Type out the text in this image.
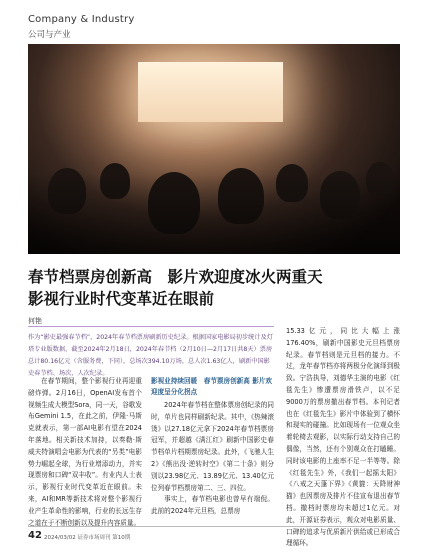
Company & Industry
公司与产业
春节档票房创新高　影片欢迎度冰火两重天
影视行业时代变革近在眼前
何艳
作为“影史最强春节档”，2024年春节档票房刷新历史纪录。根据国家电影局初步统计及灯塔专业版数据，截至2024年2月18日，2024年春节档（2月10日—2月17日共8天）票房总计80.16亿元（含服务费，下同），总场次394.10万场，总人次1.63亿人，刷新中国影史春节档、场次、人次纪录。

在春节期间，整个影视行业再迎重磅炸弹。2月16日，OpenAI发布首个视频生成大模型Sora，同一天，谷歌发布Gemini 1.5，在此之前，伊隆·马斯克就表示，第一部AI电影有望在2024年落地。相关新技术加持，以奏勒·斯威夫特演唱会电影为代表的“另类”电影势力崛起全球，为行业增添动力，并实现票房和口碑“双丰收”。有业内人士表示，影视行业时代变革近在眼前。未来，AI和MR等新技术将对整个影视行业产生革命性的影响，行业的长远生存之道在于不断创新以及提升内容质量。

影视业持续回暖　春节票房创新高 影片欢迎度呈分化拐点

2024年春节档在整体票房创纪录的同时，单片也同样刷新纪录。其中，《热辣滚烫》以27.18亿元拿下2024年春节档票房冠军，并超越《满江红》刷新中国影史春节档单片档期票房纪录。此外，《飞驰人生2》《熊出没·逆转时空》《第二十条》则分别以23.98亿元、13.89亿元、13.40亿元位列春节档票房第二、三、四位。

事实上，春节档电影也曾早有端倪。此前的2024年元旦档，总票房

15.33亿元，同比大幅上涨176.40%，刷新中国影史元旦档票房纪录。春节档则是元旦档的接力。不过，龙年春节档亦将两极分化演绎到极致。宁浩执导，刘德华主演的电影《红毯先生》惨遭票房滑铁卢，以不足9000万的票房撤出春节档。本刊记者也在《红毯先生》影片中体验到了横怀和现实的碰撞。比如现场有一位观众坐着轮椅去观影，以实际行动支持自己的偶像，当然，还有个别观众在打瞌睡。同时该电影的上座率不足一半等等。除《红毯先生》外，《我们一起摇太阳》《八戒之天蓬下界》《黄貔：天降财神猫》也因票房及排片不佳宣布退出春节档。撤档时票房均未超过1亿元。对此，开源证券表示，观众对电影质量、口碑的追求与优质新片供给或已形成合理循环。

42 2024/03/02 证券市场周刊 第10期
